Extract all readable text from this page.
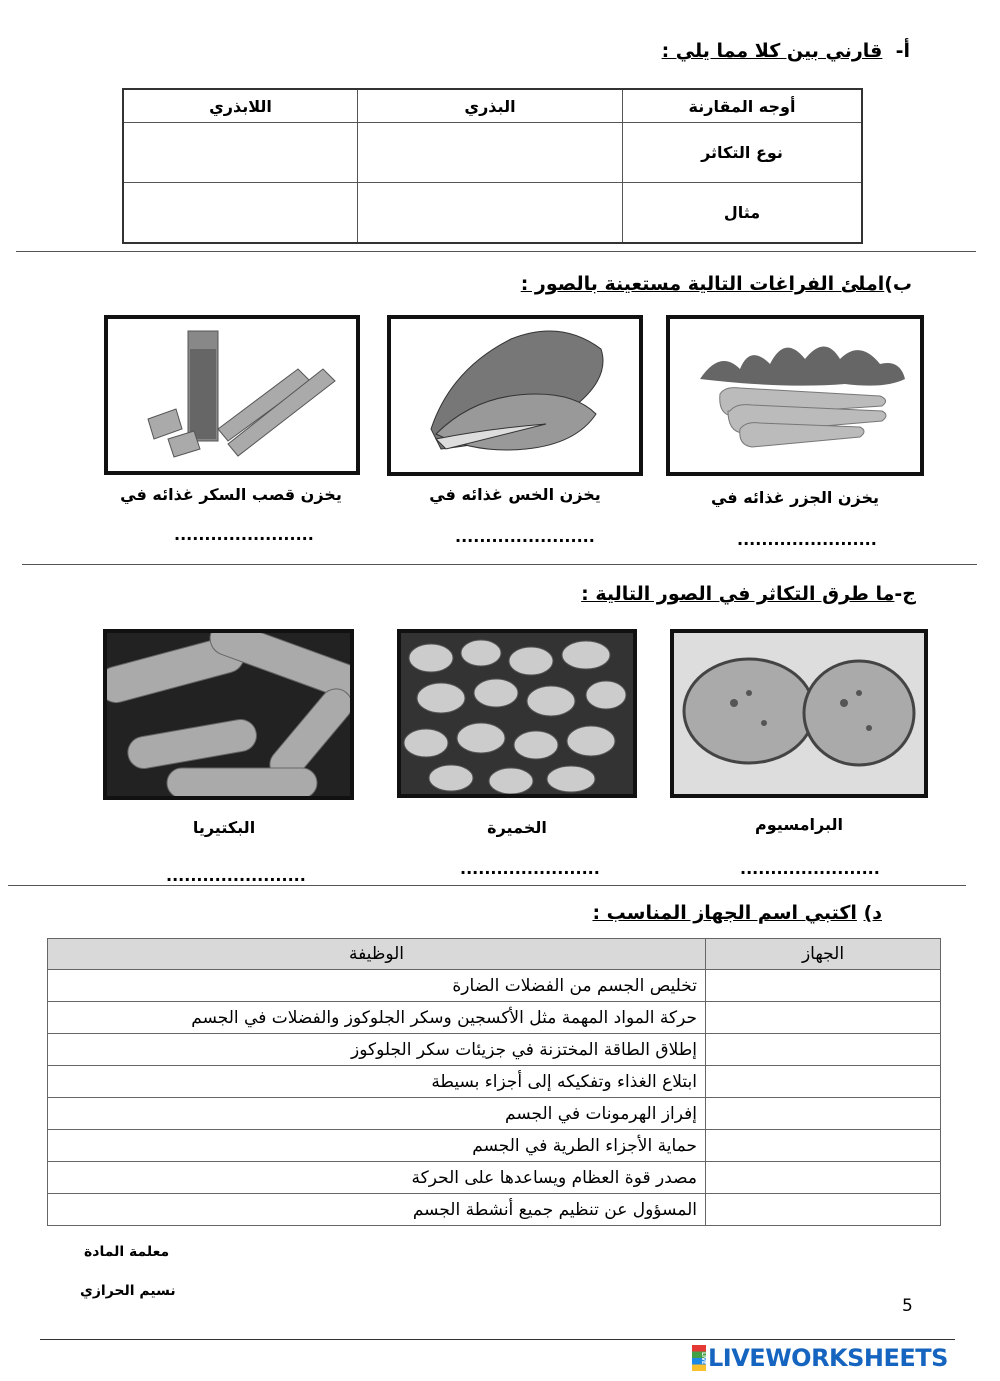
أ-  قارني بين كلا مما يلي :
أوجه المقارنة	البذري	اللابذري
نوع التكاثر		
مثال		
ب)املئ الفراغات التالية مستعينة بالصور :
يخزن الجزر غذائه في
يخزن الخس غذائه في
يخزن قصب السكر غذائه في
.......................
.......................
.......................
ج-ما طرق التكاثر في الصور التالية :
البرامسيوم
الخميرة
البكتيريا
.......................
.......................
.......................
د) اكتبي اسم الجهاز المناسب :
الجهاز	الوظيفة
	تخليص الجسم من الفضلات الضارة
	حركة المواد المهمة مثل الأكسجين وسكر الجلوكوز والفضلات في الجسم
	إطلاق الطاقة المختزنة في جزيئات سكر الجلوكوز
	ابتلاع الغذاء وتفكيكه إلى أجزاء بسيطة
	إفراز الهرمونات في الجسم
	حماية الأجزاء الطرية في الجسم
	مصدر قوة العظام ويساعدها على الحركة
	المسؤول عن تنظيم جميع أنشطة الجسم
معلمة المادة
نسيم الحرازي
5
LIVE LIVEWORKSHEETS
